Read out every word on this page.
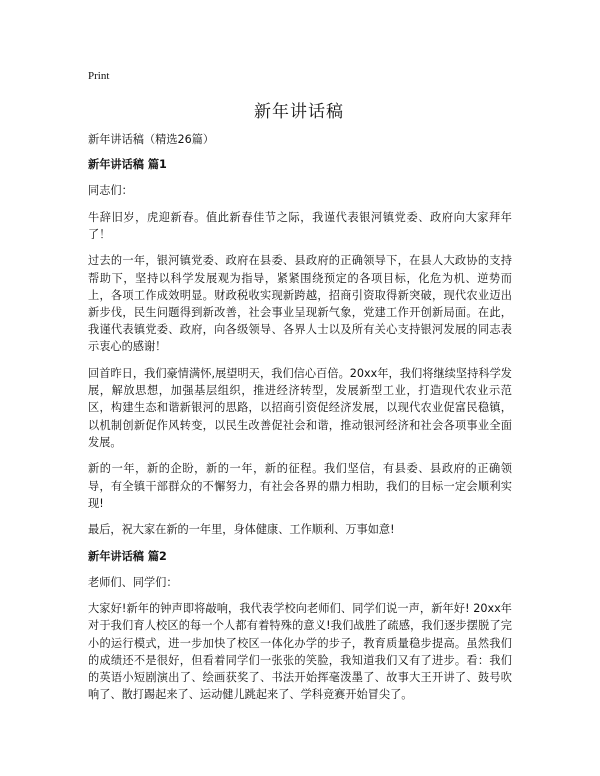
Print
新年讲话稿

新年讲话稿（精选26篇）

新年讲话稿 篇1

同志们：

牛辞旧岁，虎迎新春。值此新春佳节之际，我谨代表银河镇党委、政府向大家拜年了！

过去的一年，银河镇党委、政府在县委、县政府的正确领导下，在县人大政协的支持帮助下，坚持以科学发展观为指导，紧紧围绕预定的各项目标，化危为机、逆势而上，各项工作成效明显。财政税收实现新跨越，招商引资取得新突破，现代农业迈出新步伐，民生问题得到新改善，社会事业呈现新气象，党建工作开创新局面。在此，我谨代表镇党委、政府，向各级领导、各界人士以及所有关心支持银河发展的同志表示衷心的感谢！

回首昨日，我们豪情满怀,展望明天，我们信心百倍。20xx年，我们将继续坚持科学发展，解放思想，加强基层组织，推进经济转型，发展新型工业，打造现代农业示范区，构建生态和谐新银河的思路，以招商引资促经济发展，以现代农业促富民稳镇，以机制创新促作风转变，以民生改善促社会和谐，推动银河经济和社会各项事业全面发展。

新的一年，新的企盼，新的一年，新的征程。我们坚信，有县委、县政府的正确领导，有全镇干部群众的不懈努力，有社会各界的鼎力相助，我们的目标一定会顺利实现!

最后，祝大家在新的一年里，身体健康、工作顺利、万事如意!

新年讲话稿 篇2

老师们、同学们：

大家好!新年的钟声即将敲响，我代表学校向老师们、同学们说一声，新年好! 20xx年对于我们育人校区的每一个人都有着特殊的意义!我们战胜了疏感，我们逐步摆脱了完小的运行模式，进一步加快了校区一体化办学的步子，教育质量稳步提高。虽然我们的成绩还不是很好，但看着同学们一张张的笑脸，我知道我们又有了进步。看：我们的英语小短剧演出了、绘画获奖了、书法开始挥毫泼墨了、故事大王开讲了、鼓号吹响了、散打踢起来了、运动健儿跳起来了、学科竞赛开始冒尖了。
